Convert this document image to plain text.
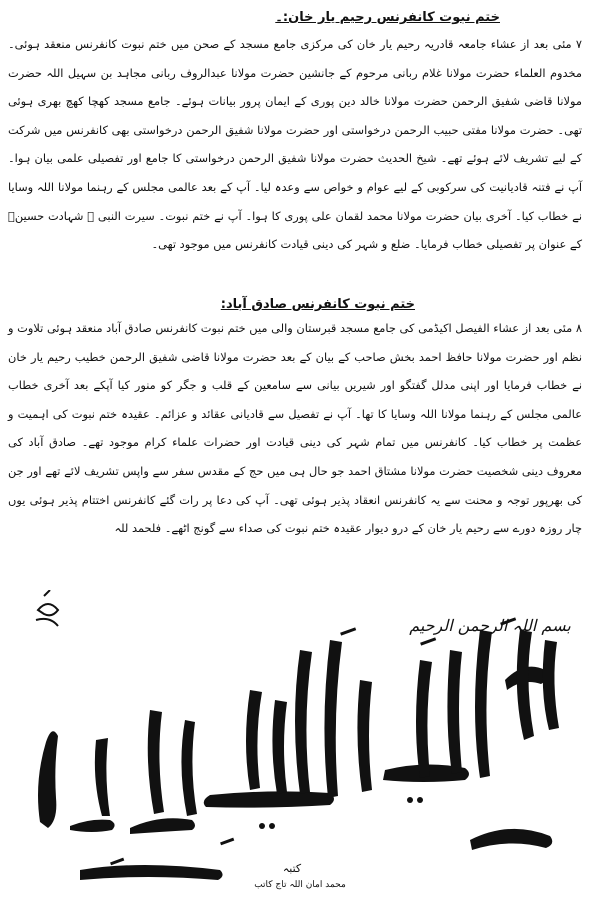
ختم نبوت کانفرنس رحیم یار خان:۔
۷ مئی بعد از عشاء جامعہ قادریہ رحیم یار خان کی مرکزی جامع مسجد کے صحن میں ختم نبوت کانفرنس منعقد ہوئی۔ مخدوم العلماء حضرت مولانا غلام ربانی مرحوم کے جانشین حضرت مولانا عبدالروف ربانی مجاہد بن سہیل اللہ حضرت مولانا قاضی شفیق الرحمن حضرت مولانا خالد دین پوری کے ایمان پرور بیانات ہوئے۔ جامع مسجد کھچا کھچ بھری ہوئی تھی۔ حضرت مولانا مفتی حبیب الرحمن درخواستی اور حضرت مولانا شفیق الرحمن درخواستی بھی کانفرنس میں شرکت کے لیے تشریف لائے ہوئے تھے۔ شیخ الحدیث حضرت مولانا شفیق الرحمن درخواستی کا جامع اور تفصیلی علمی بیان ہوا۔ آپ نے فتنہ قادیانیت کی سرکوبی کے لیے عوام و خواص سے وعدہ لیا۔ آپ کے بعد عالمی مجلس کے رہنما مولانا اللہ وسایا نے خطاب کیا۔ آخری بیان حضرت مولانا محمد لقمان علی پوری کا ہوا۔ آپ نے ختم نبوت۔ سیرت النبی ﷺ شہادت حسینؓ کے عنوان پر تفصیلی خطاب فرمایا۔ ضلع و شہر کی دینی قیادت کانفرنس میں موجود تھی۔
ختم نبوت کانفرنس صادق آباد:
۸ مئی بعد از عشاء الفیصل اکیڈمی کی جامع مسجد قبرستان والی میں ختم نبوت کانفرنس صادق آباد منعقد ہوئی تلاوت و نظم اور حضرت مولانا حافظ احمد بخش صاحب کے بیان کے بعد حضرت مولانا قاضی شفیق الرحمن خطیب رحیم یار خان نے خطاب فرمایا اور اپنی مدلل گفتگو اور شیریں بیانی سے سامعین کے قلب و جگر کو منور کیا آپکے بعد آخری خطاب عالمی مجلس کے رہنما مولانا اللہ وسایا کا تھا۔ آپ نے تفصیل سے قادیانی عقائد و عزائم۔ عقیدہ ختم نبوت کی اہمیت و عظمت پر خطاب کیا۔ کانفرنس میں تمام شہر کی دینی قیادت اور حضرات علماء کرام موجود تھے۔ صادق آباد کی معروف دینی شخصیت حضرت مولانا مشتاق احمد جو حال ہی میں حج کے مقدس سفر سے واپس تشریف لائے تھے اور جن کی بھرپور توجہ و محنت سے یہ کانفرنس انعقاد پذیر ہوئی تھی۔ آپ کی دعا پر رات گئے کانفرنس اختتام پذیر ہوئی یوں چار روزہ دورے سے رحیم یار خان کے درو دیوار عقیدہ ختم نبوت کی صداء سے گونج اٹھے۔ فلحمد للہ
بسم اللہ الرحمن الرحیم
کتبہ
محمد امان اللہ تاج کاتب
